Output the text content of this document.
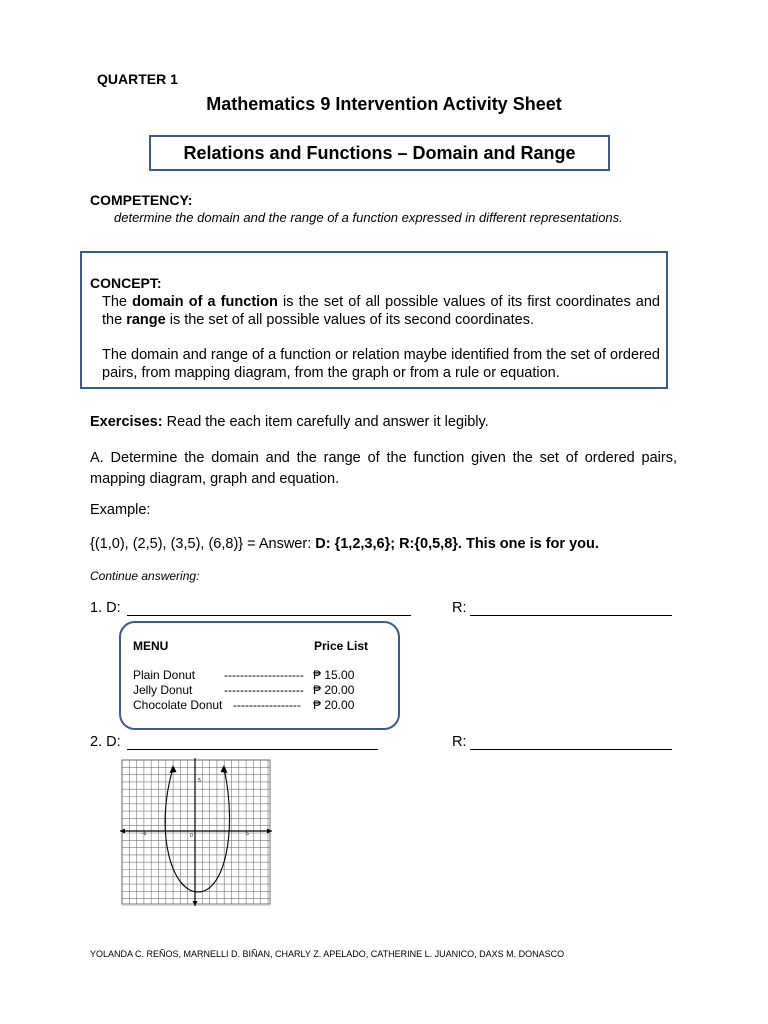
QUARTER 1
Mathematics 9 Intervention Activity Sheet
Relations and Functions – Domain and Range
COMPETENCY:
determine the domain and the range of a function expressed in different representations.
CONCEPT:
The domain of a function is the set of all possible values of its first coordinates and the range is the set of all possible values of its second coordinates.
The domain and range of a function or relation maybe identified from the set of ordered pairs, from mapping diagram, from the graph or from a rule or equation.
Exercises: Read the each item carefully and answer it legibly.
A. Determine the domain and the range of the function given the set of ordered pairs, mapping diagram, graph and equation.
Example:
{(1,0), (2,5), (3,5), (6,8)} = Answer: D: {1,2,3,6}; R:{0,5,8}. This one is for you.
Continue answering:
1. D:	R:
MENU	Price List
Plain Donut -------------------- ₱ 15.00
Jelly Donut	-------------------- ₱ 20.00
Chocolate Donut ----------------- ₱ 20.00
2. D:	R:
-5	5
5
0
YOLANDA C. REÑOS, MARNELLI D. BIÑAN, CHARLY Z. APELADO, CATHERINE L. JUANICO, DAXS M. DONASCO
